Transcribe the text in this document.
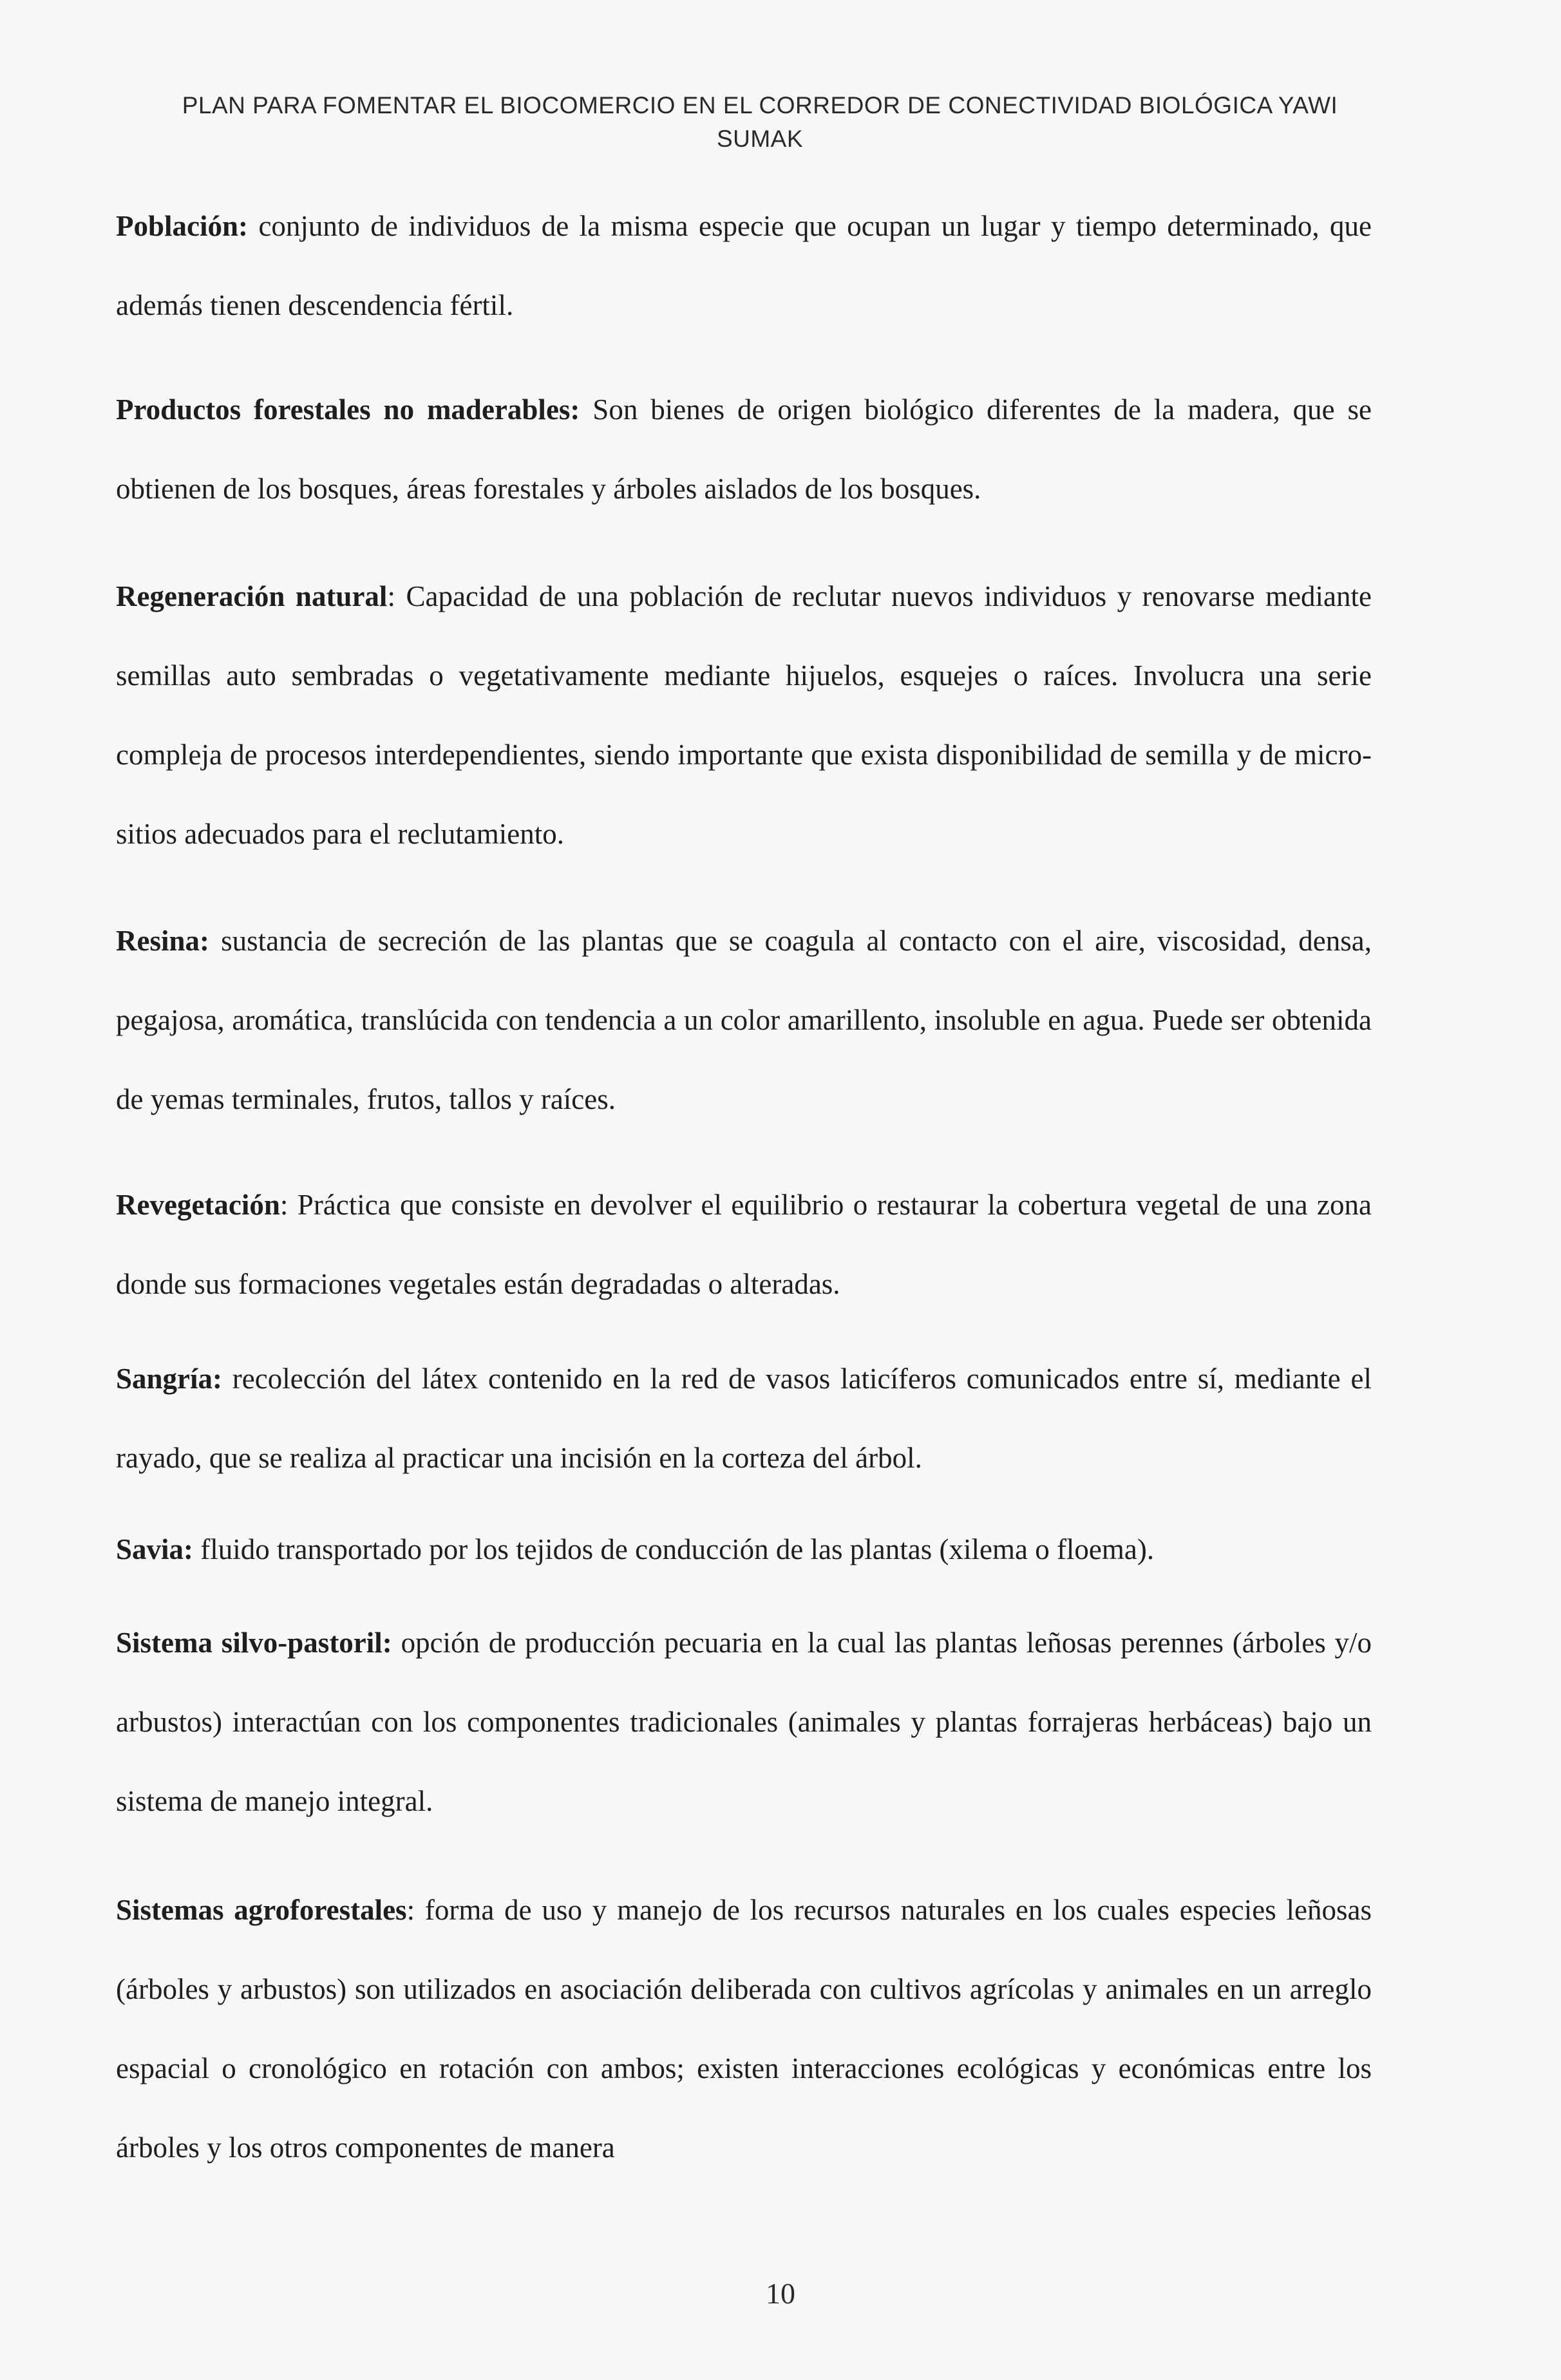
PLAN PARA FOMENTAR EL BIOCOMERCIO EN EL CORREDOR DE CONECTIVIDAD BIOLÓGICA YAWI
SUMAK

Población: conjunto de individuos de la misma especie que ocupan un lugar y tiempo determinado, que además tienen descendencia fértil.

Productos forestales no maderables: Son bienes de origen biológico diferentes de la madera, que se obtienen de los bosques, áreas forestales y árboles aislados de los bosques.

Regeneración natural: Capacidad de una población de reclutar nuevos individuos y renovarse mediante semillas auto sembradas o vegetativamente mediante hijuelos, esquejes o raíces. Involucra una serie compleja de procesos interdependientes, siendo importante que exista disponibilidad de semilla y de micro-sitios adecuados para el reclutamiento.

Resina: sustancia de secreción de las plantas que se coagula al contacto con el aire, viscosidad, densa, pegajosa, aromática, translúcida con tendencia a un color amarillento, insoluble en agua. Puede ser obtenida de yemas terminales, frutos, tallos y raíces.

Revegetación: Práctica que consiste en devolver el equilibrio o restaurar la cobertura vegetal de una zona donde sus formaciones vegetales están degradadas o alteradas.

Sangría: recolección del látex contenido en la red de vasos laticíferos comunicados entre sí, mediante el rayado, que se realiza al practicar una incisión en la corteza del árbol.

Savia: fluido transportado por los tejidos de conducción de las plantas (xilema o floema).

Sistema silvo-pastoril: opción de producción pecuaria en la cual las plantas leñosas perennes (árboles y/o arbustos) interactúan con los componentes tradicionales (animales y plantas forrajeras herbáceas) bajo un sistema de manejo integral.

Sistemas agroforestales: forma de uso y manejo de los recursos naturales en los cuales especies leñosas (árboles y arbustos) son utilizados en asociación deliberada con cultivos agrícolas y animales en un arreglo espacial o cronológico en rotación con ambos; existen interacciones ecológicas y económicas entre los árboles y los otros componentes de manera

10
